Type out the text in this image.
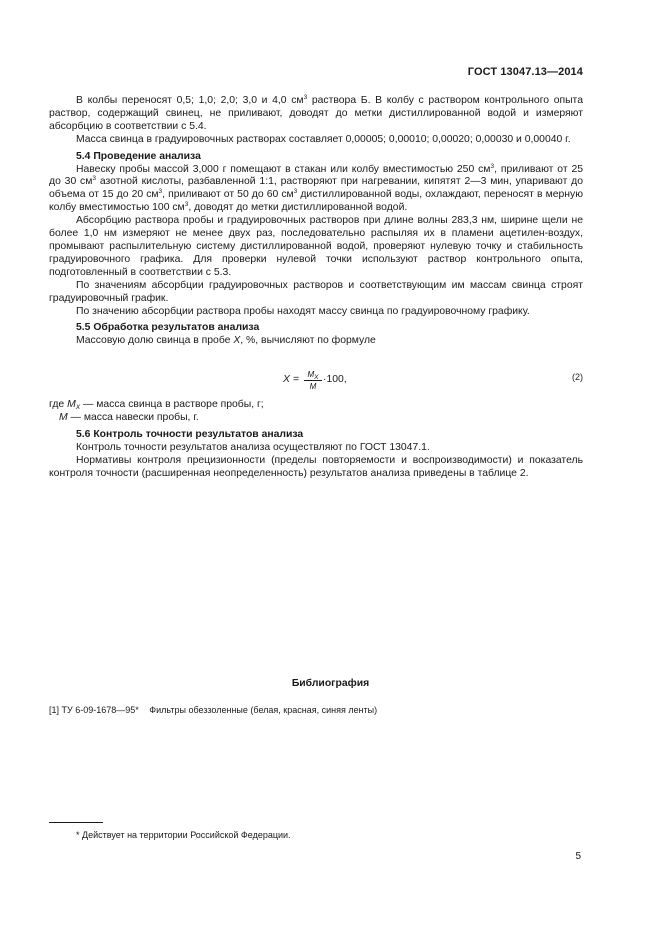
ГОСТ 13047.13—2014

В колбы переносят 0,5; 1,0; 2,0; 3,0 и 4,0 $см^3$ раствора Б. В колбу с раствором контрольного опыта раствор, содержащий свинец, не приливают, доводят до метки дистиллированной водой и измеряют абсорбцию в соответствии с 5.4.

Масса свинца в градуировочных растворах составляет 0,00005; 0,00010; 0,00020; 0,00030 и 0,00040 г.

5.4 Проведение анализа

Навеску пробы массой 3,000 г помещают в стакан или колбу вместимостью 250 $см^3$, приливают от 25 до 30 $см^3$ азотной кислоты, разбавленной 1:1, растворяют при нагревании, кипятят 2—3 мин, упаривают до объема от 15 до 20 $см^3$, приливают от 50 до 60 $см^3$ дистиллированной воды, охлаждают, переносят в мерную колбу вместимостью 100 $см^3$, доводят до метки дистиллированной водой.

Абсорбцию раствора пробы и градуировочных растворов при длине волны 283,3 нм, ширине щели не более 1,0 нм измеряют не менее двух раз, последовательно распыляя их в пламени ацетилен-воздух, промывают распылительную систему дистиллированной водой, проверяют нулевую точку и стабильность градуировочного графика. Для проверки нулевой точки используют раствор контрольного опыта, подготовленный в соответствии с 5.3.

По значениям абсорбции градуировочных растворов и соответствующим им массам свинца строят градуировочный график.

По значению абсорбции раствора пробы находят массу свинца по градуировочному графику.

5.5 Обработка результатов анализа

Массовую долю свинца в пробе X, %, вычисляют по формуле

$X = \frac{M_X}{M} \cdot 100$,	(2)
где $M_X$ — масса свинца в растворе пробы, г;
M — масса навески пробы, г.

5.6 Контроль точности результатов анализа

Контроль точности результатов анализа осуществляют по ГОСТ 13047.1.

Нормативы контроля прецизионности (пределы повторяемости и воспроизводимости) и показатель контроля точности (расширенная неопределенность) результатов анализа приведены в таблице 2.

Библиография
[1] ТУ 6-09-1678—95* Фильтры обеззоленные (белая, красная, синяя ленты)
* Действует на территории Российской Федерации.
5
